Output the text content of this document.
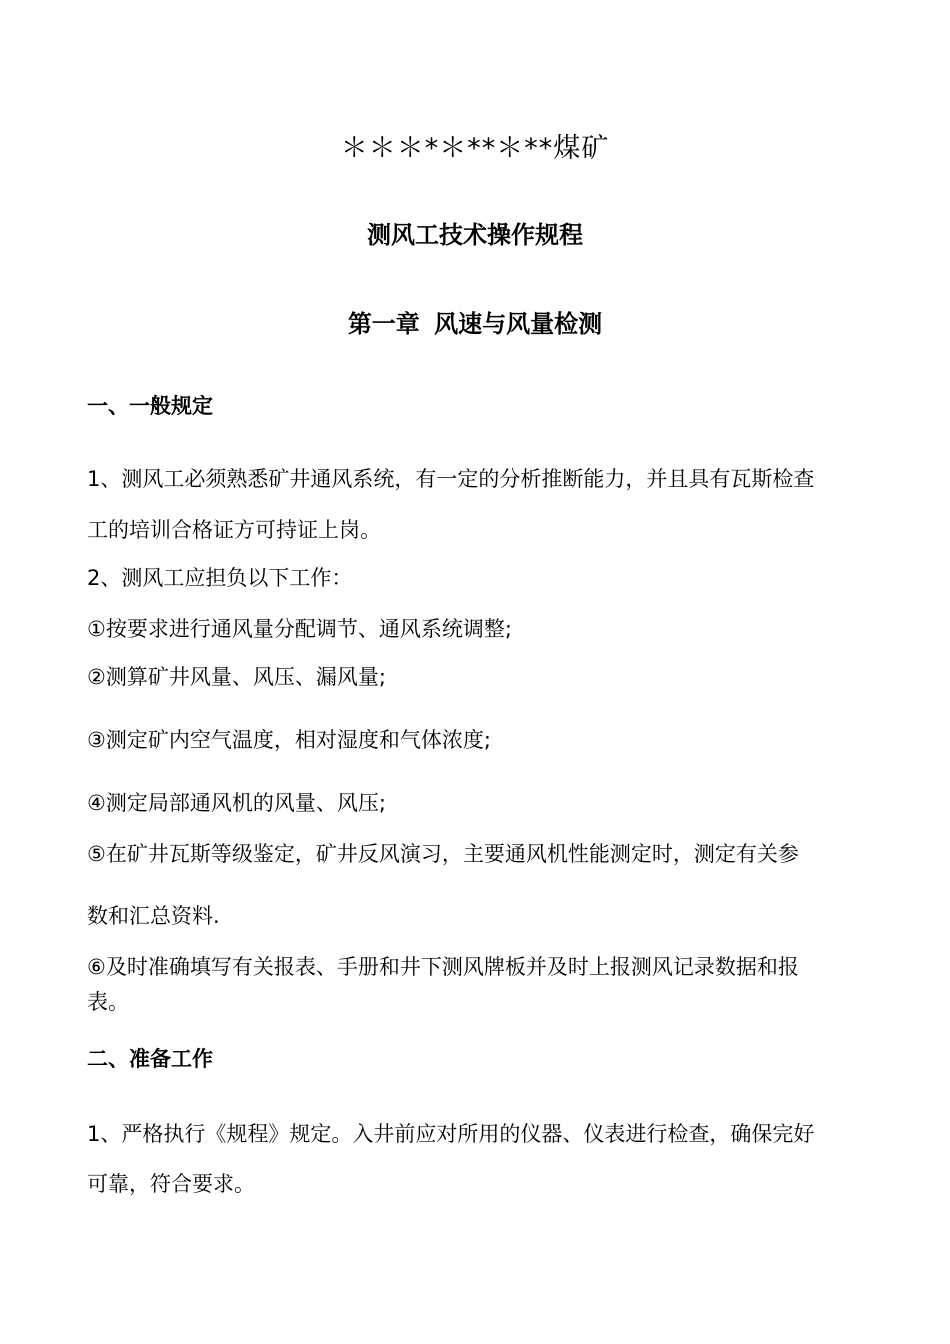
＊＊＊*＊**＊**煤矿
测风工技术操作规程
第一章 风速与风量检测
一、一般规定
1、测风工必须熟悉矿井通风系统，有一定的分析推断能力，并且具有瓦斯检查
工的培训合格证方可持证上岗。
2、测风工应担负以下工作：
①按要求进行通风量分配调节、通风系统调整;
②测算矿井风量、风压、漏风量;
③测定矿内空气温度，相对湿度和气体浓度;
④测定局部通风机的风量、风压;
⑤在矿井瓦斯等级鉴定，矿井反风演习，主要通风机性能测定时，测定有关参
数和汇总资料.
⑥及时准确填写有关报表、手册和井下测风牌板并及时上报测风记录数据和报
表。
二、准备工作
1、严格执行《规程》规定。入井前应对所用的仪器、仪表进行检查，确保完好
可靠，符合要求。
